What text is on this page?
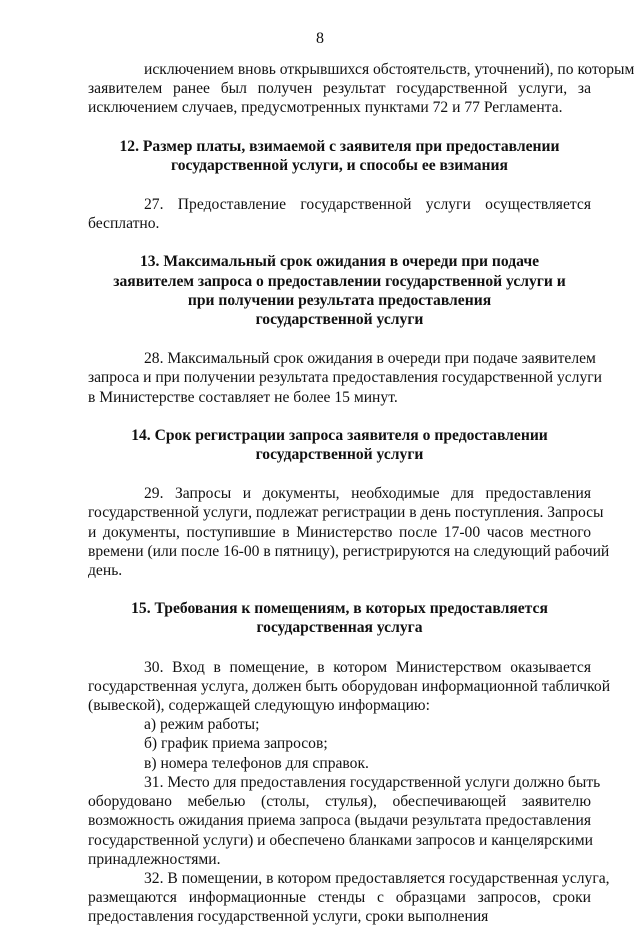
8
исключением вновь открывшихся обстоятельств, уточнений), по которым
заявителем ранее был получен результат государственной услуги, за
исключением случаев, предусмотренных пунктами 72 и 77 Регламента.
12. Размер платы, взимаемой с заявителя при предоставлении
государственной услуги, и способы ее взимания
27. Предоставление государственной услуги осуществляется
бесплатно.
13. Максимальный срок ожидания в очереди при подаче
заявителем запроса о предоставлении государственной услуги и
при получении результата предоставления
государственной услуги
28. Максимальный срок ожидания в очереди при подаче заявителем
запроса и при получении результата предоставления государственной услуги
в Министерстве составляет не более 15 минут.
14. Срок регистрации запроса заявителя о предоставлении
государственной услуги
29. Запросы и документы, необходимые для предоставления
государственной услуги, подлежат регистрации в день поступления. Запросы
и документы, поступившие в Министерство после 17-00 часов местного
времени (или после 16-00 в пятницу), регистрируются на следующий рабочий
день.
15. Требования к помещениям, в которых предоставляется
государственная услуга
30. Вход в помещение, в котором Министерством оказывается
государственная услуга, должен быть оборудован информационной табличкой
(вывеской), содержащей следующую информацию:
а) режим работы;
б) график приема запросов;
в) номера телефонов для справок.
31. Место для предоставления государственной услуги должно быть
оборудовано мебелью (столы, стулья), обеспечивающей заявителю
возможность ожидания приема запроса (выдачи результата предоставления
государственной услуги) и обеспечено бланками запросов и канцелярскими
принадлежностями.
32. В помещении, в котором предоставляется государственная услуга,
размещаются информационные стенды с образцами запросов, сроки
предоставления государственной услуги, сроки выполнения
